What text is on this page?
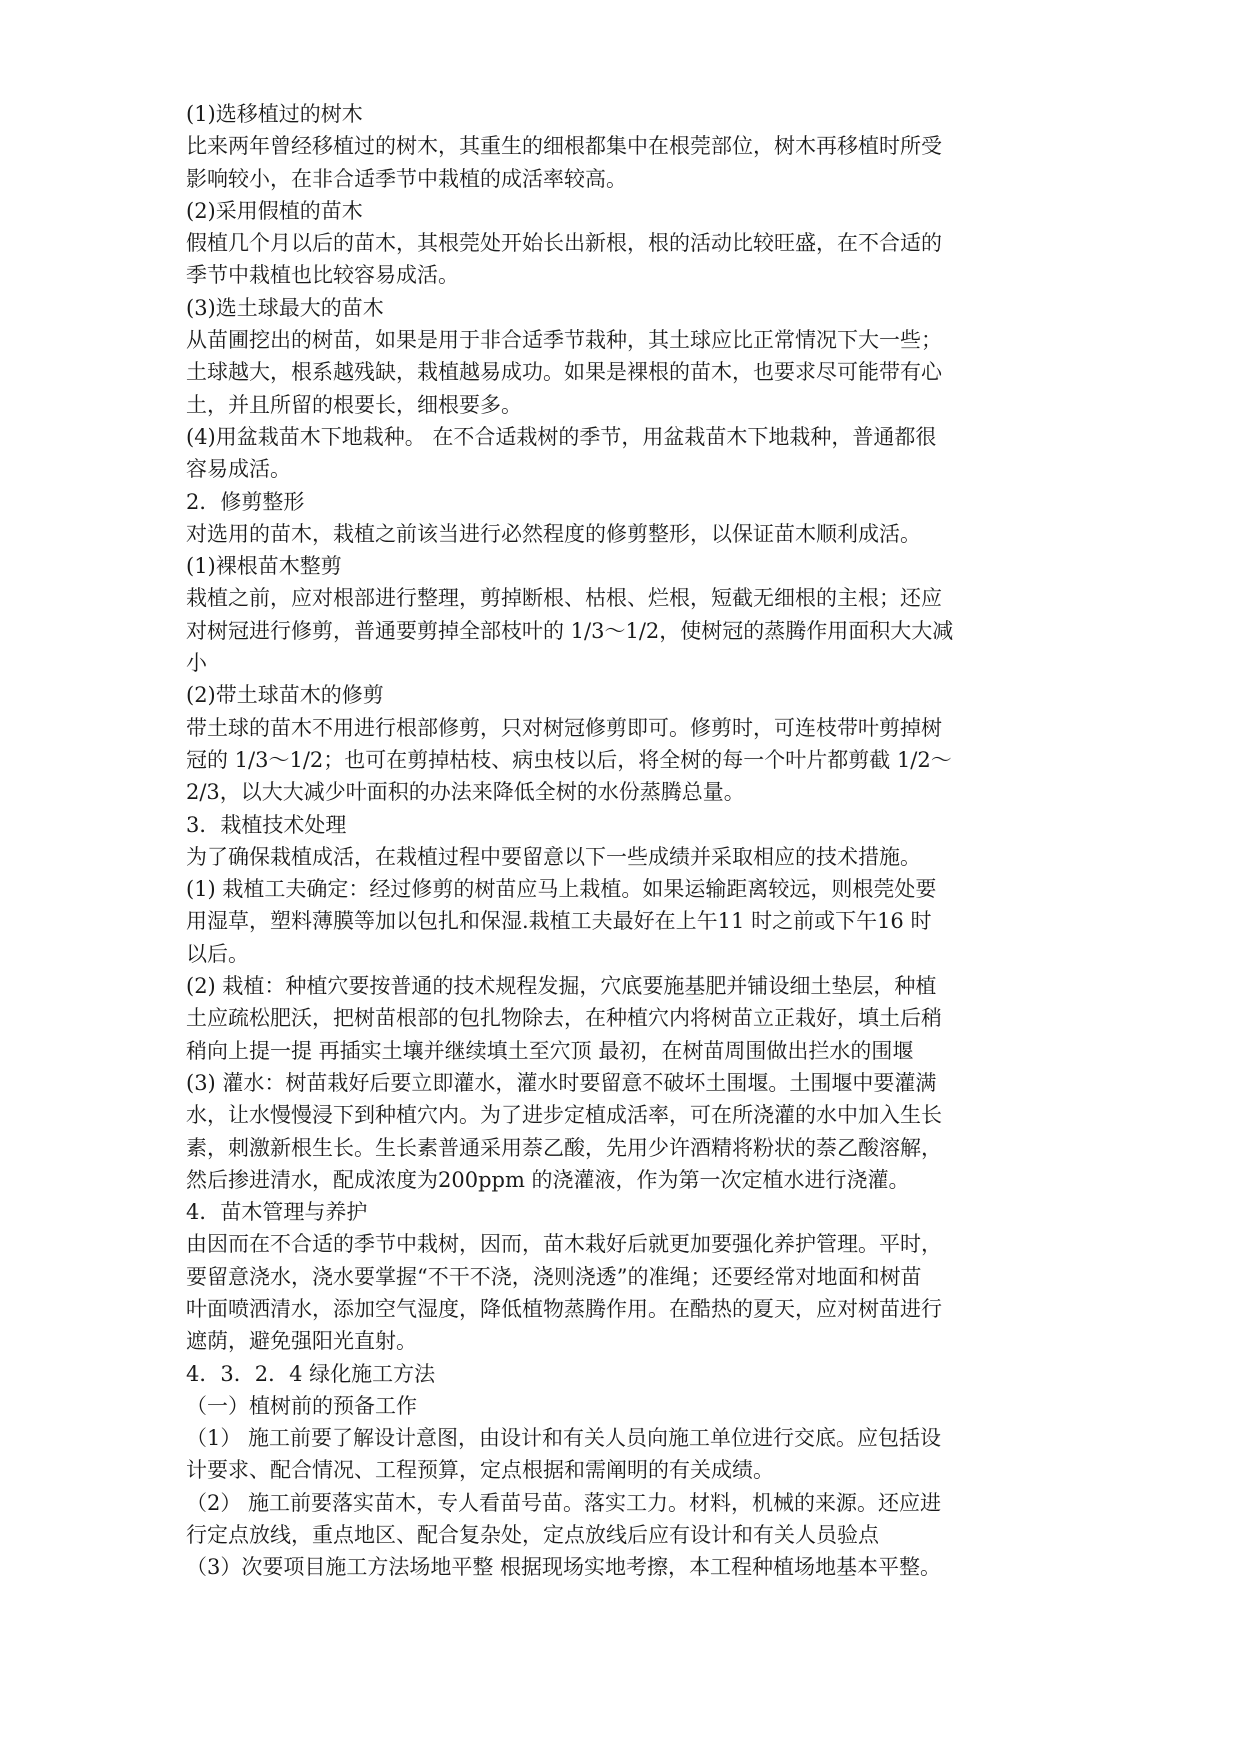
(1)选移植过的树木
比来两年曾经移植过的树木，其重生的细根都集中在根莞部位，树木再移植时所受
影响较小，在非合适季节中栽植的成活率较高。
(2)采用假植的苗木
假植几个月以后的苗木，其根莞处开始长出新根，根的活动比较旺盛，在不合适的
季节中栽植也比较容易成活。
(3)选土球最大的苗木
从苗圃挖出的树苗，如果是用于非合适季节栽种，其土球应比正常情况下大一些；
土球越大，根系越残缺，栽植越易成功。如果是裸根的苗木，也要求尽可能带有心
土，并且所留的根要长，细根要多。
(4)用盆栽苗木下地栽种。 在不合适栽树的季节，用盆栽苗木下地栽种，普通都很
容易成活。
2．修剪整形
对选用的苗木，栽植之前该当进行必然程度的修剪整形，以保证苗木顺利成活。
(1)裸根苗木整剪
栽植之前，应对根部进行整理，剪掉断根、枯根、烂根，短截无细根的主根；还应
对树冠进行修剪，普通要剪掉全部枝叶的 1/3～1/2，使树冠的蒸腾作用面积大大减
小
(2)带土球苗木的修剪
带土球的苗木不用进行根部修剪，只对树冠修剪即可。修剪时，可连枝带叶剪掉树
冠的 1/3～1/2；也可在剪掉枯枝、病虫枝以后，将全树的每一个叶片都剪截 1/2～
2/3，以大大减少叶面积的办法来降低全树的水份蒸腾总量。
3．栽植技术处理
为了确保栽植成活，在栽植过程中要留意以下一些成绩并采取相应的技术措施。
(1) 栽植工夫确定：经过修剪的树苗应马上栽植。如果运输距离较远，则根莞处要
用湿草，塑料薄膜等加以包扎和保湿.栽植工夫最好在上午11 时之前或下午16 时
以后。
(2) 栽植：种植穴要按普通的技术规程发掘，穴底要施基肥并铺设细土垫层，种植
土应疏松肥沃，把树苗根部的包扎物除去，在种植穴内将树苗立正栽好，填土后稍
稍向上提一提 再插实土壤并继续填土至穴顶 最初，在树苗周围做出拦水的围堰
(3) 灌水：树苗栽好后要立即灌水，灌水时要留意不破坏土围堰。土围堰中要灌满
水，让水慢慢浸下到种植穴内。为了进步定植成活率，可在所浇灌的水中加入生长
素，刺激新根生长。生长素普通采用萘乙酸，先用少许酒精将粉状的萘乙酸溶解，
然后掺进清水，配成浓度为200ppm 的浇灌液，作为第一次定植水进行浇灌。
4．苗木管理与养护
由因而在不合适的季节中栽树，因而，苗木栽好后就更加要强化养护管理。平时，
要留意浇水，浇水要掌握“不干不浇，浇则浇透”的准绳；还要经常对地面和树苗
叶面喷洒清水，添加空气湿度，降低植物蒸腾作用。在酷热的夏天，应对树苗进行
遮荫，避免强阳光直射。
4．3．2．4 绿化施工方法
（一）植树前的预备工作
（1） 施工前要了解设计意图，由设计和有关人员向施工单位进行交底。应包括设
计要求、配合情况、工程预算，定点根据和需阐明的有关成绩。
（2） 施工前要落实苗木，专人看苗号苗。落实工力。材料，机械的来源。还应进
行定点放线，重点地区、配合复杂处，定点放线后应有设计和有关人员验点
（3）次要项目施工方法场地平整 根据现场实地考擦，本工程种植场地基本平整。
